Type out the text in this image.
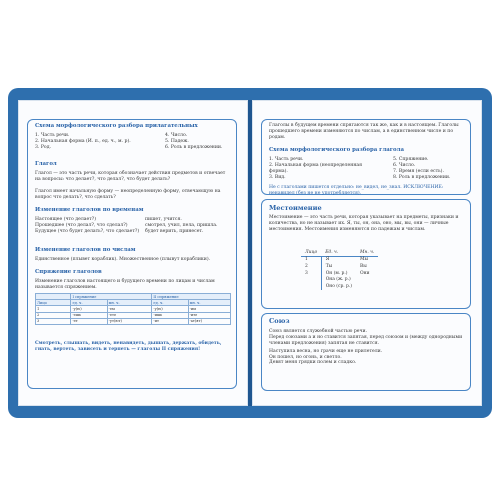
Схема морфологического разбора прилагательных
1. Часть речи.
2. Начальная форма (И. п., ед. ч., м. р).
3. Род.
4. Число.
5. Падеж.
6. Роль в предложении.
Глагол
Глагол — это часть речи, которая обозначает действия предметов и отвечает на вопросы: что делает?, что делал?, что будет делать?
Глагол имеет начальную форму — неопределенную форму, отвечающую на вопрос что делать?, что сделать?
Изменение глаголов по временам
Настоящее (что делает?)	пишет, учится.
Прошедшее (что делал?, что сделал?)	смотрел, учил, пела, пришла.
Будущее (что будет делать?, что сделает?)	будет верить, принесет.
Изменение глаголов по числам
Единственное (плывет кораблик). Множественное (плывут кораблики).
Спряжение глаголов
Изменение глаголов настоящего и будущего времени по лицам и числам называется спряжением.
	I спряжение		II спряжение	
Лицо	ед. ч.	мн. ч.	ед. ч.	мн. ч.
1	-у(ю)	-ем	-у(ю)	-им
2	-ешь	-ете	-ишь	-ите
3	-ет	-ут(ют)	-ит	-ат(ят)
Смотреть, слышать, видеть, ненавидеть, дышать, держать, обидеть, гнать, вертеть, зависеть и терпеть — глаголы II спряжения!
Глаголы в будущем времени спрягаются так же, как и в настоящем. Глаголы прошедшего времени изменяются по числам, а в единственном числе и по родам.
Схема морфологического разбора глагола
1. Часть речи.
2. Начальная форма (неопределенная форма).
3. Вид.
5. Спряжение.
6. Число.
7. Время (если есть).
8. Роль в предложении.
Не с глаголами пишется отдельно: не_видел, не_знал. ИСКЛЮЧЕНИЕ: ненавидел (без не не употребляется).
Местоимение
Местоимение — это часть речи, которая указывает на предметы, признаки и количества, но не называет их. Я, ты, он, она, оно, мы, вы, они — личные местоимения. Местоимения изменяются по падежам и числам.
Лицо	Ед. ч.	Мн. ч.
1	Я	Мы
2	Ты	Вы
3	Он (м. р.)	Они
	Она (ж. р.)	
	Оно (ср. р.)	
Союз
Союз является служебной частью речи.
Перед союзами а и но ставится запятая, перед союзом и (между однородными членами предложения) запятая не ставится.
Наступила весна, но грачи еще не прилетели.
Он пошел, но огонь, и светло.
Девят меня грядки полем и сладко.
